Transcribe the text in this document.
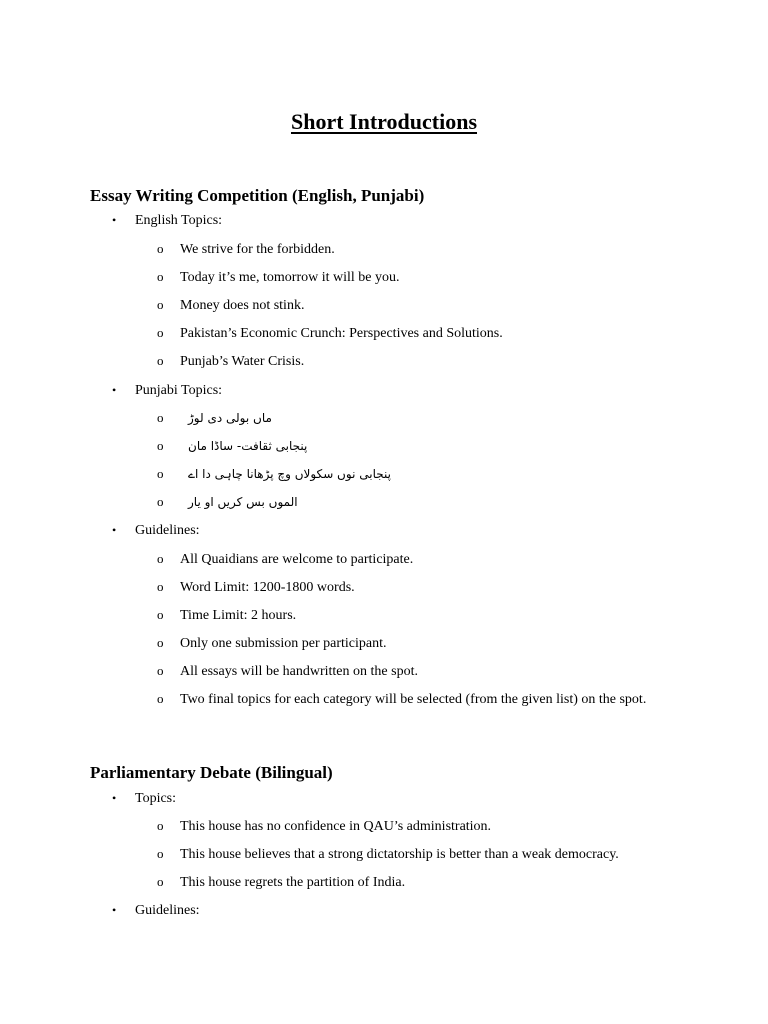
Short Introductions
Essay Writing Competition (English, Punjabi)
• English Topics:
o We strive for the forbidden.
o Today it’s me, tomorrow it will be you.
o Money does not stink.
o Pakistan’s Economic Crunch: Perspectives and Solutions.
o Punjab’s Water Crisis.
• Punjabi Topics:
o ماں بولی دی لوڑ
o پنجابی ثقافت- ساڈا مان
o پنجابی نوں سکولاں وچ پڑھانا چاہی دا اے
o الموں بس کریں او یار
• Guidelines:
o All Quaidians are welcome to participate.
o Word Limit: 1200-1800 words.
o Time Limit: 2 hours.
o Only one submission per participant.
o All essays will be handwritten on the spot.
o Two final topics for each category will be selected (from the given list) on the spot.
Parliamentary Debate (Bilingual)
• Topics:
o This house has no confidence in QAU’s administration.
o This house believes that a strong dictatorship is better than a weak democracy.
o This house regrets the partition of India.
• Guidelines:
